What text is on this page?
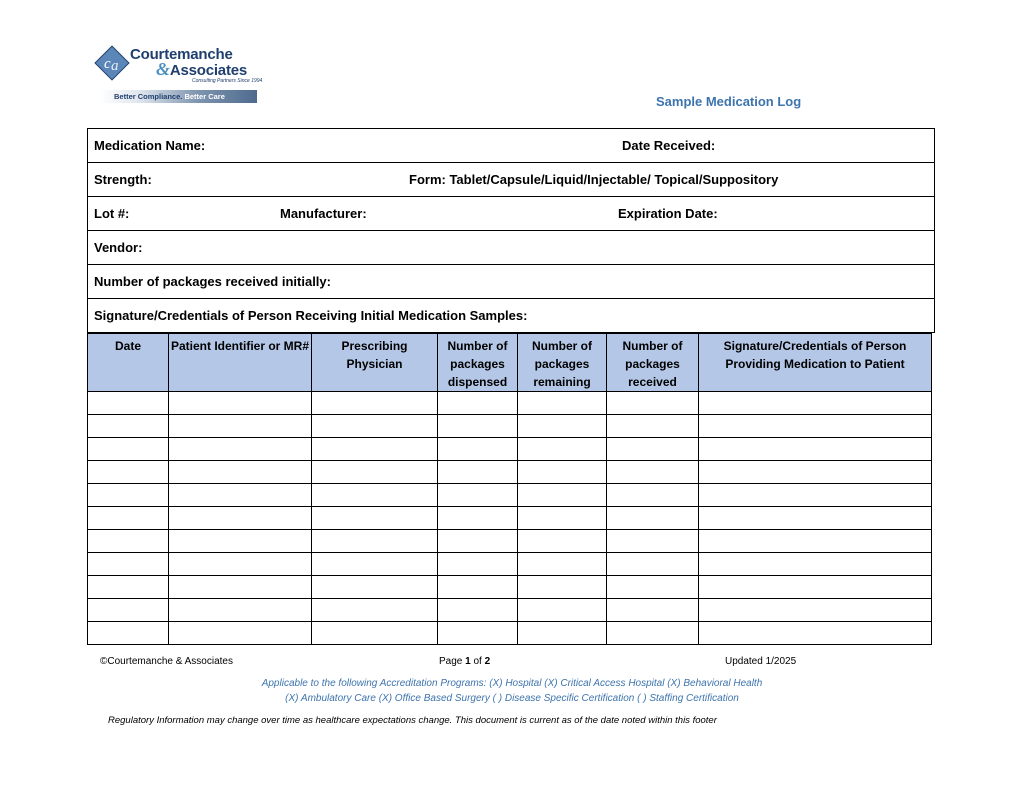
c a
Courtemanche
&Associates
Consulting Partners Since 1994
Better Compliance. Better Care	Sample Medication Log
Medication Name:	Date Received:
Strength:	Form: Tablet/Capsule/Liquid/Injectable/ Topical/Suppository
Lot #:	Manufacturer:	Expiration Date:
Vendor:
Number of packages received initially:
Signature/Credentials of Person Receiving Initial Medication Samples:
Date	Patient Identifier or MR#	Prescribing Physician	Number of packages dispensed	Number of packages remaining	Number of packages received	Signature/Credentials of Person Providing Medication to Patient

©Courtemanche & Associates	Page 1 of 2	Updated 1/2025
Applicable to the following Accreditation Programs: (X) Hospital (X) Critical Access Hospital (X) Behavioral Health
(X) Ambulatory Care (X) Office Based Surgery ( ) Disease Specific Certification ( ) Staffing Certification
Regulatory Information may change over time as healthcare expectations change. This document is current as of the date noted within this footer
